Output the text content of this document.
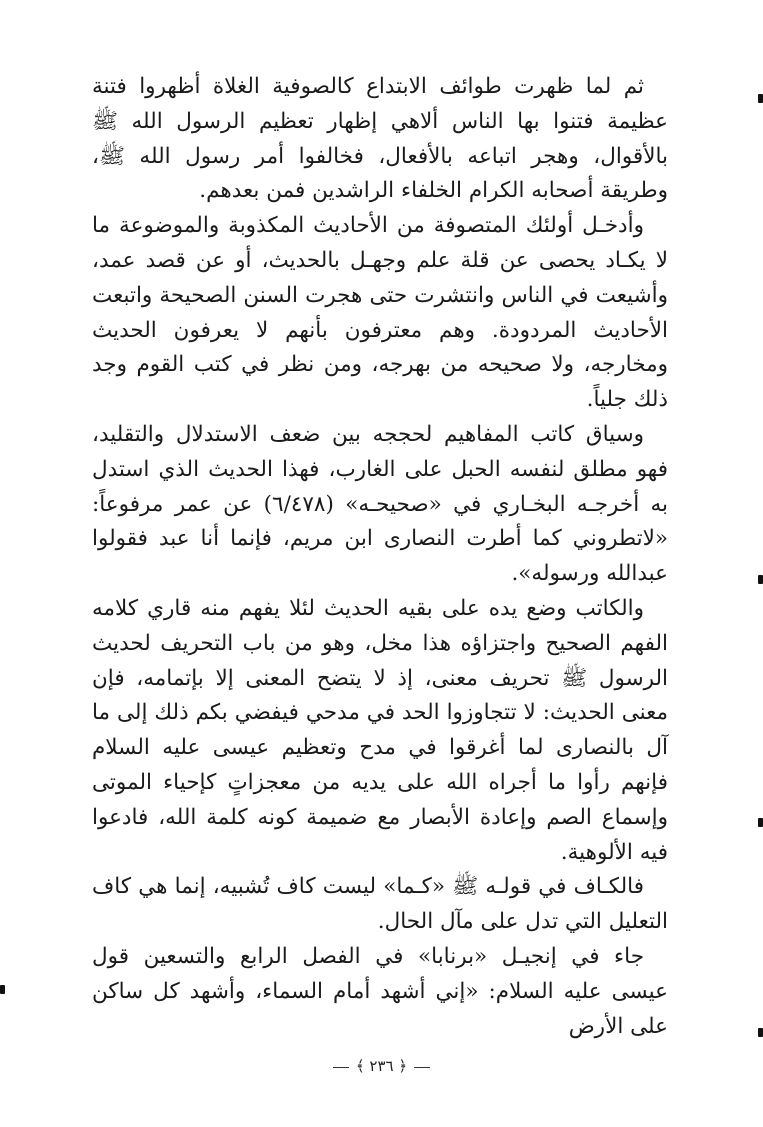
ثم لما ظهرت طوائف الابتداع كالصوفية الغلاة أظهروا فتنة عظيمة فتنوا بها الناس ألاهي إظهار تعظيم الرسول الله ﷺ بالأقوال، وهجر اتباعه بالأفعال، فخالفوا أمر رسول الله ﷺ، وطريقة أصحابه الكرام الخلفاء الراشدين فمن بعدهم.

وأدخـل أولئك المتصوفة من الأحاديث المكذوبة والموضوعة ما لا يكـاد يحصى عن قلة علم وجهـل بالحديث، أو عن قصد عمد، وأشيعت في الناس وانتشرت حتى هجرت السنن الصحيحة واتبعت الأحاديث المردودة. وهم معترفون بأنهم لا يعرفون الحديث ومخارجه، ولا صحيحه من بهرجه، ومن نظر في كتب القوم وجد ذلك جلياً.

وسياق كاتب المفاهيم لحججه بين ضعف الاستدلال والتقليد، فهو مطلق لنفسه الحبل على الغارب، فهذا الحديث الذي استدل به أخرجـه البخـاري في «صحيحـه» (٦/٤٧٨) عن عمر مرفوعاً: «لاتطروني كما أطرت النصارى ابن مريم، فإنما أنا عبد فقولوا عبدالله ورسوله».

والكاتب وضع يده على بقيه الحديث لئلا يفهم منه قاري كلامه الفهم الصحيح واجتزاؤه هذا مخل، وهو من باب التحريف لحديث الرسول ﷺ تحريف معنى، إذ لا يتضح المعنى إلا بإتمامه، فإن معنى الحديث: لا تتجاوزوا الحد في مدحي فيفضي بكم ذلك إلى ما آل بالنصارى لما أغرقوا في مدح وتعظيم عيسى عليه السلام فإنهم رأوا ما أجراه الله على يديه من معجزاتٍ كإحياء الموتى وإسماع الصم وإعادة الأبصار مع ضميمة كونه كلمة الله، فادعوا فيه الألوهية.

فالكـاف في قولـه ﷺ «كـما» ليست كاف تُشبيه، إنما هي كاف التعليل التي تدل على مآل الحال.

جاء في إنجيـل «برنابا» في الفصل الرابع والتسعين قول عيسى عليه السلام: «إني أشهد أمام السماء، وأشهد كل ساكن على الأرض

﴿ ٢٣٦ ﴾
